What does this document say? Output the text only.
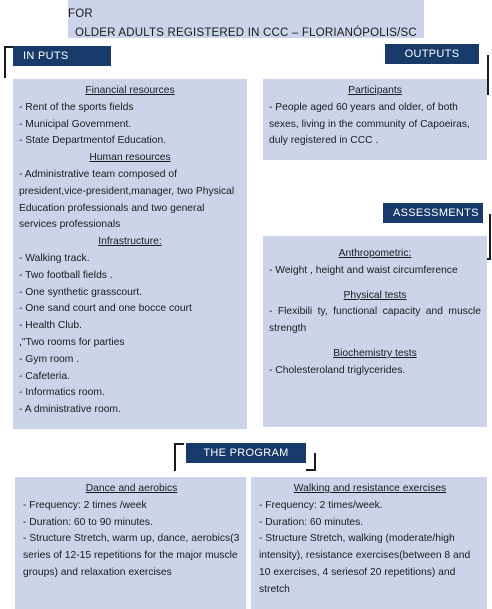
FOR
OLDER ADULTS REGISTERED IN CCC – FLORIANÓPOLIS/SC
IN PUTS	OUTPUTS
ASSESSMENTS
Financial resources
- Rent of the sports fields
- Municipal Government.
- State Departmentof Education.
Human resources
- Administrative team composed of president,vice-president,manager, two Physical Education professionals and two general services professionals
Infrastructure:
- Walking track.
- Two football fields .
- One synthetic grasscourt.
- One sand court and one bocce court
- Health Club.
,"Two rooms for parties
- Gym room .
- Cafeteria.
- Informatics room.
- A dministrative room.
Participants
- People aged 60 years and older, of both sexes, living in the community of Capoeiras, duly registered in CCC .
Anthropometric:
- Weight , height and waist circumference
Physical tests
- Flexibili ty, functional capacity and muscle strength
Biochemistry tests
- Cholesteroland triglycerides.
THE PROGRAM
Dance and aerobics
- Frequency: 2 times /week
- Duration: 60 to 90 minutes.
- Structure Stretch, warm up, dance, aerobics(3 series of 12-15 repetitions for the major muscle groups) and relaxation exercises
Walking and resistance exercises
- Frequency: 2 times/week.
- Duration: 60 minutes.
- Structure Stretch, walking (moderate/high intensity), resistance exercises(between 8 and 10 exercises, 4 seriesof 20 repetitions) and stretch
